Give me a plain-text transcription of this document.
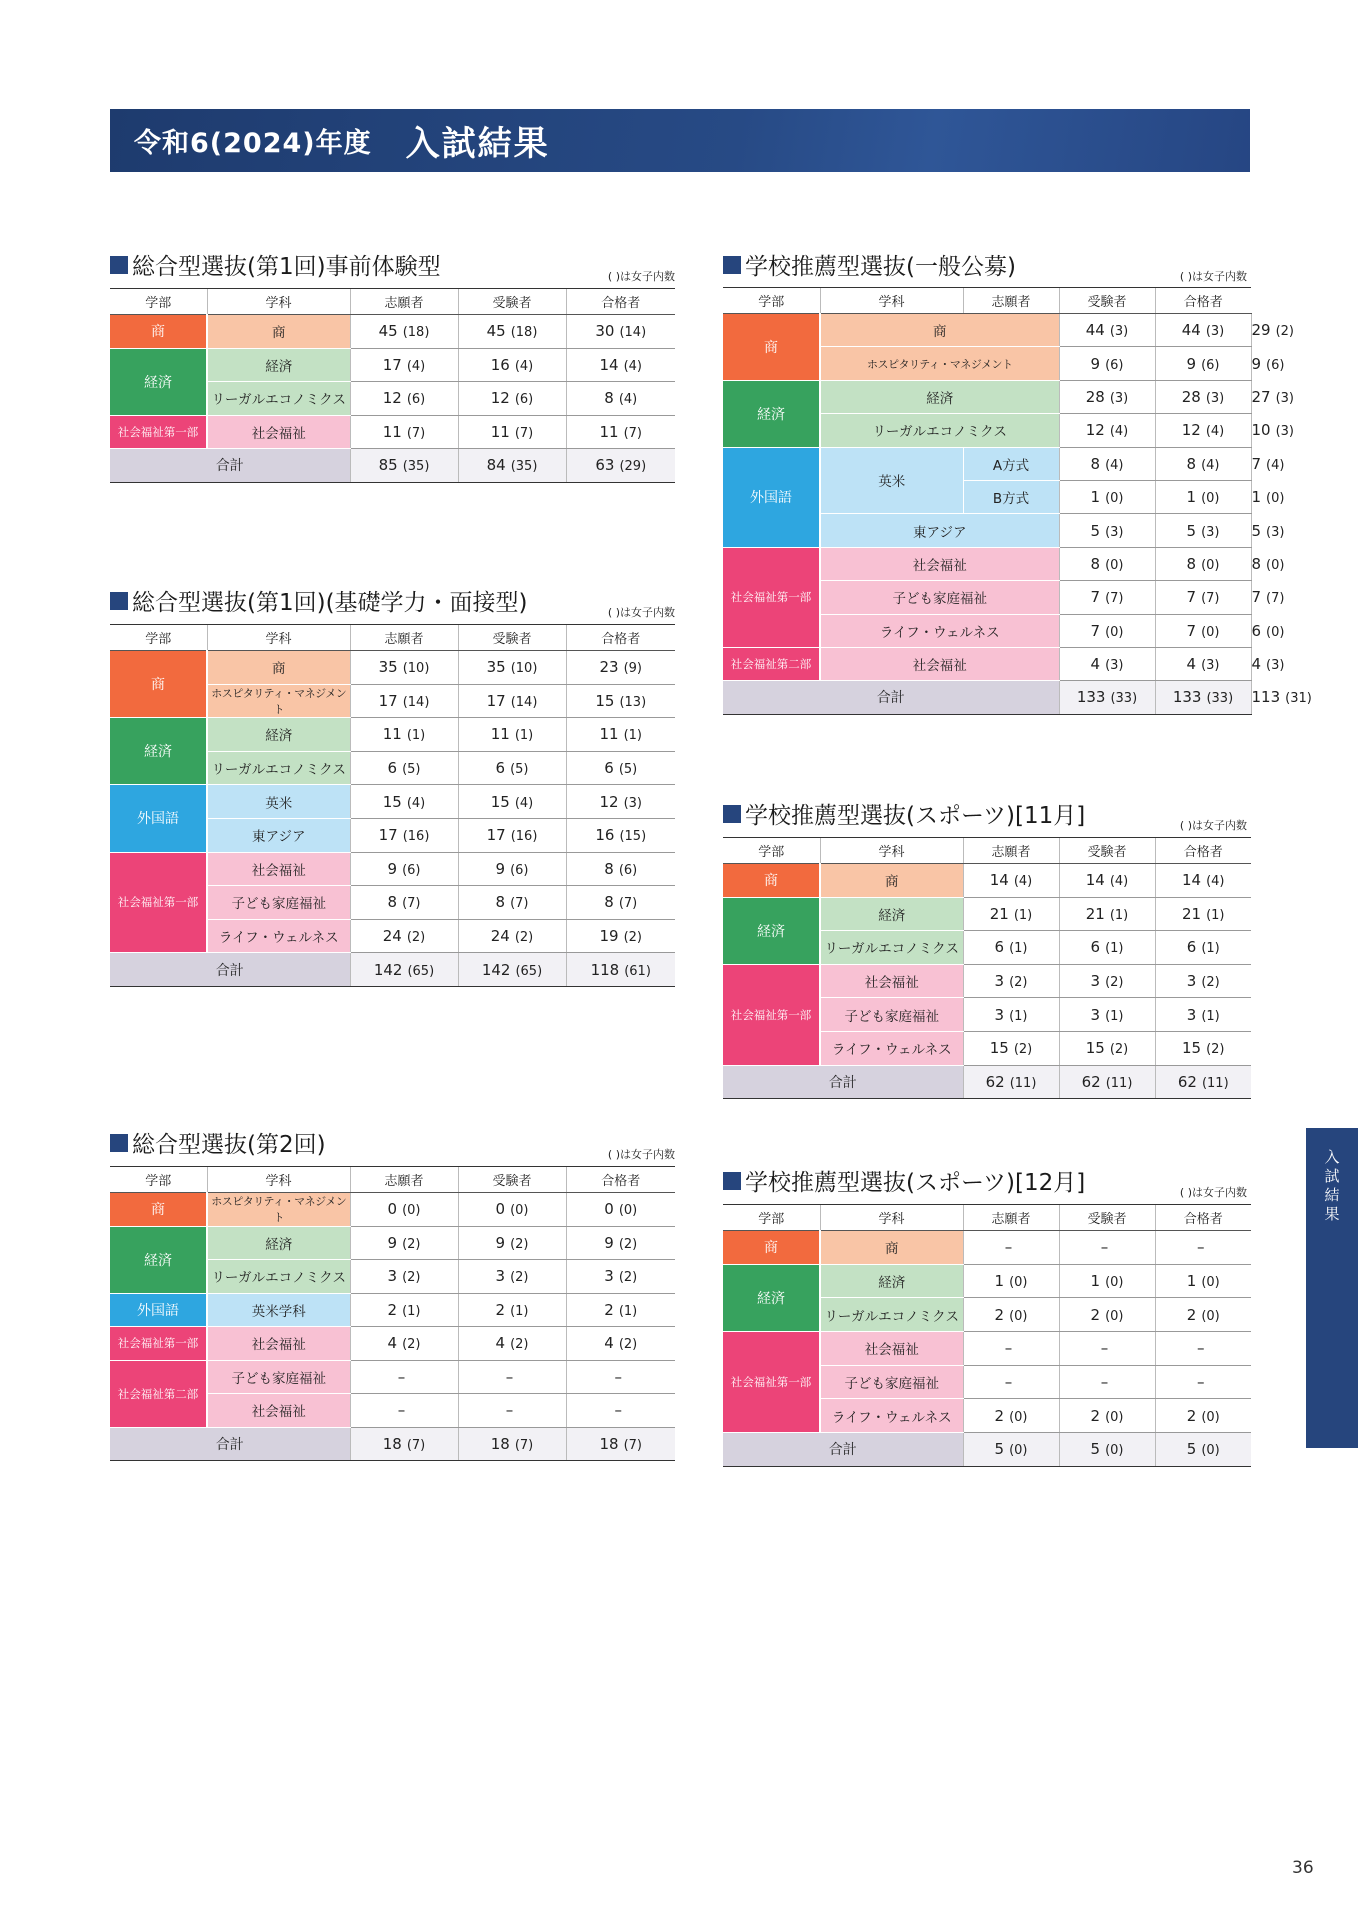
令和6(2024)年度 入試結果
総合型選抜(第1回)事前体験型	( )は女子内数
学部	学科	志願者	受験者	合格者
商	商	45 (18)	45 (18)	30 (14)
経済	経済	17 (4)	16 (4)	14 (4)
	リーガルエコノミクス	12 (6)	12 (6)	8 (4)
社会福祉第一部	社会福祉	11 (7)	11 (7)	11 (7)
合計		85 (35)	84 (35)	63 (29)
総合型選抜(第1回)(基礎学力・面接型)	( )は女子内数
学部	学科	志願者	受験者	合格者
商	商	35 (10)	35 (10)	23 (9)
	ホスピタリティ・マネジメント	17 (14)	17 (14)	15 (13)
経済	経済	11 (1)	11 (1)	11 (1)
	リーガルエコノミクス	6 (5)	6 (5)	6 (5)
外国語	英米	15 (4)	15 (4)	12 (3)
	東アジア	17 (16)	17 (16)	16 (15)
社会福祉第一部	社会福祉	9 (6)	9 (6)	8 (6)
	子ども家庭福祉	8 (7)	8 (7)	8 (7)
	ライフ・ウェルネス	24 (2)	24 (2)	19 (2)
合計		142 (65)	142 (65)	118 (61)
総合型選抜(第2回)	( )は女子内数
学部	学科	志願者	受験者	合格者
商	ホスピタリティ・マネジメント	0 (0)	0 (0)	0 (0)
経済	経済	9 (2)	9 (2)	9 (2)
	リーガルエコノミクス	3 (2)	3 (2)	3 (2)
外国語	英米学科	2 (1)	2 (1)	2 (1)
社会福祉第一部	社会福祉	4 (2)	4 (2)	4 (2)
社会福祉第二部	子ども家庭福祉	–	–	–
	社会福祉	–	–	–
合計		18 (7)	18 (7)	18 (7)
学校推薦型選抜(一般公募)	( )は女子内数
学部	学科	志願者	受験者	合格者	
商	商		44 (3)	44 (3)	29 (2)
	ホスピタリティ・マネジメント		9 (6)	9 (6)	9 (6)
経済	経済		28 (3)	28 (3)	27 (3)
	リーガルエコノミクス		12 (4)	12 (4)	10 (3)
外国語	英米	A方式	8 (4)	8 (4)	7 (4)
		B方式	1 (0)	1 (0)	1 (0)
	東アジア		5 (3)	5 (3)	5 (3)
社会福祉第一部	社会福祉		8 (0)	8 (0)	8 (0)
	子ども家庭福祉		7 (7)	7 (7)	7 (7)
	ライフ・ウェルネス		7 (0)	7 (0)	6 (0)
社会福祉第二部	社会福祉		4 (3)	4 (3)	4 (3)
合計			133 (33)	133 (33)	113 (31)
学校推薦型選抜(スポーツ)[11月]	( )は女子内数
学部	学科	志願者	受験者	合格者
商	商	14 (4)	14 (4)	14 (4)
経済	経済	21 (1)	21 (1)	21 (1)
	リーガルエコノミクス	6 (1)	6 (1)	6 (1)
社会福祉第一部	社会福祉	3 (2)	3 (2)	3 (2)
	子ども家庭福祉	3 (1)	3 (1)	3 (1)
	ライフ・ウェルネス	15 (2)	15 (2)	15 (2)
合計		62 (11)	62 (11)	62 (11)
学校推薦型選抜(スポーツ)[12月]	( )は女子内数
学部	学科	志願者	受験者	合格者
商	商	–	–	–
経済	経済	1 (0)	1 (0)	1 (0)
	リーガルエコノミクス	2 (0)	2 (0)	2 (0)
社会福祉第一部	社会福祉	–	–	–
	子ども家庭福祉	–	–	–
	ライフ・ウェルネス	2 (0)	2 (0)	2 (0)
合計		5 (0)	5 (0)	5 (0)
入
試
結
果
36
